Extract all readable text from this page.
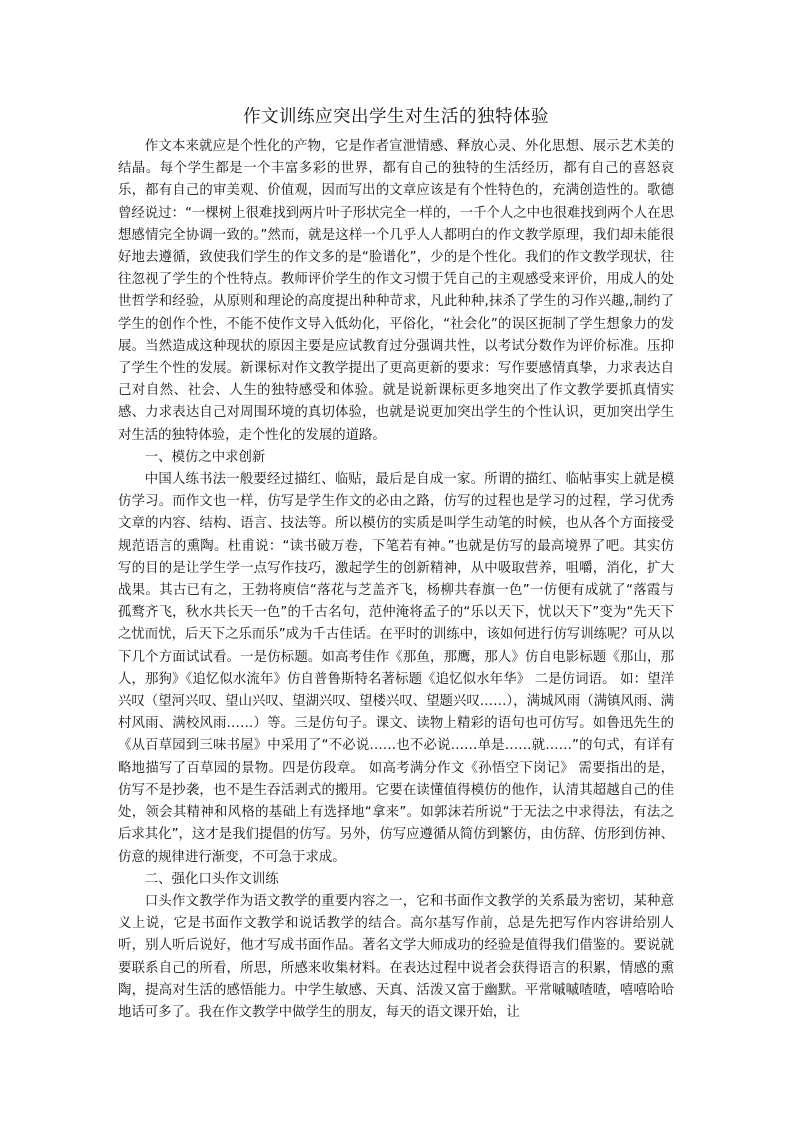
作文训练应突出学生对生活的独特体验

作文本来就应是个性化的产物，它是作者宣泄情感、释放心灵、外化思想、展示艺术美的结晶。每个学生都是一个丰富多彩的世界，都有自己的独特的生活经历，都有自己的喜怒哀乐，都有自己的审美观、价值观，因而写出的文章应该是有个性特色的，充满创造性的。歌德曾经说过：“一棵树上很难找到两片叶子形状完全一样的，一千个人之中也很难找到两个人在思想感情完全协调一致的。”然而，就是这样一个几乎人人都明白的作文教学原理，我们却未能很好地去遵循，致使我们学生的作文多的是“脸谱化”，少的是个性化。我们的作文教学现状，往往忽视了学生的个性特点。教师评价学生的作文习惯于凭自己的主观感受来评价，用成人的处世哲学和经验，从原则和理论的高度提出种种苛求，凡此种种,抹杀了学生的习作兴趣,,制约了学生的创作个性，不能不使作文导入低幼化，平俗化，“社会化”的误区扼制了学生想象力的发展。当然造成这种现状的原因主要是应试教育过分强调共性，以考试分数作为评价标准。压抑了学生个性的发展。新课标对作文教学提出了更高更新的要求：写作要感情真挚，力求表达自己对自然、社会、人生的独特感受和体验。就是说新课标更多地突出了作文教学要抓真情实感、力求表达自己对周围环境的真切体验，也就是说更加突出学生的个性认识，更加突出学生对生活的独特体验，走个性化的发展的道路。

一、模仿之中求创新

中国人练书法一般要经过描红、临贴，最后是自成一家。所谓的描红、临帖事实上就是模仿学习。而作文也一样，仿写是学生作文的必由之路，仿写的过程也是学习的过程，学习优秀文章的内容、结构、语言、技法等。所以模仿的实质是叫学生动笔的时候，也从各个方面接受规范语言的熏陶。杜甫说：“读书破万卷，下笔若有神。”也就是仿写的最高境界了吧。其实仿写的目的是让学生学一点写作技巧，激起学生的创新精神，从中吸取营养，咀嚼，消化，扩大战果。其古已有之，王勃将庾信“落花与芝盖齐飞，杨柳共春旗一色”一仿便有成就了“落霞与孤鹜齐飞，秋水共长天一色”的千古名句，范仲淹将孟子的“乐以天下，忧以天下”变为“先天下之忧而忧，后天下之乐而乐”成为千古佳话。在平时的训练中，该如何进行仿写训练呢？可从以下几个方面试试看。一是仿标题。如高考佳作《那鱼，那鹰，那人》仿自电影标题《那山，那人，那狗》《追忆似水流年》仿自普鲁斯特名著标题《追忆似水年华》 二是仿词语。 如：望洋兴叹（望河兴叹、望山兴叹、望湖兴叹、望楼兴叹、望题兴叹……），满城风雨（满镇风雨、满村风雨、满校风雨……）等。三是仿句子。课文、读物上精彩的语句也可仿写。如鲁迅先生的《从百草园到三味书屋》中采用了“不必说……也不必说……单是……就……”的句式，有详有略地描写了百草园的景物。四是仿段章。 如高考满分作文《孙悟空下岗记》 需要指出的是，仿写不是抄袭，也不是生吞活剥式的搬用。它要在读懂值得模仿的他作，认清其超越自己的佳处，领会其精神和风格的基础上有选择地“拿来”。如郭沫若所说“于无法之中求得法，有法之后求其化”，这才是我们提倡的仿写。另外，仿写应遵循从简仿到繁仿，由仿辞、仿形到仿神、仿意的规律进行渐变，不可急于求成。

二、强化口头作文训练

口头作文教学作为语文教学的重要内容之一，它和书面作文教学的关系最为密切，某种意义上说，它是书面作文教学和说话教学的结合。高尔基写作前，总是先把写作内容讲给别人听，别人听后说好，他才写成书面作品。著名文学大师成功的经验是值得我们借鉴的。要说就要联系自己的所看，所思，所感来收集材料。在表达过程中说者会获得语言的积累，情感的熏陶，提高对生活的感悟能力。中学生敏感、天真、活泼又富于幽默。平常嘁嘁喳喳，嘻嘻哈哈地话可多了。我在作文教学中做学生的朋友，每天的语文课开始，让
